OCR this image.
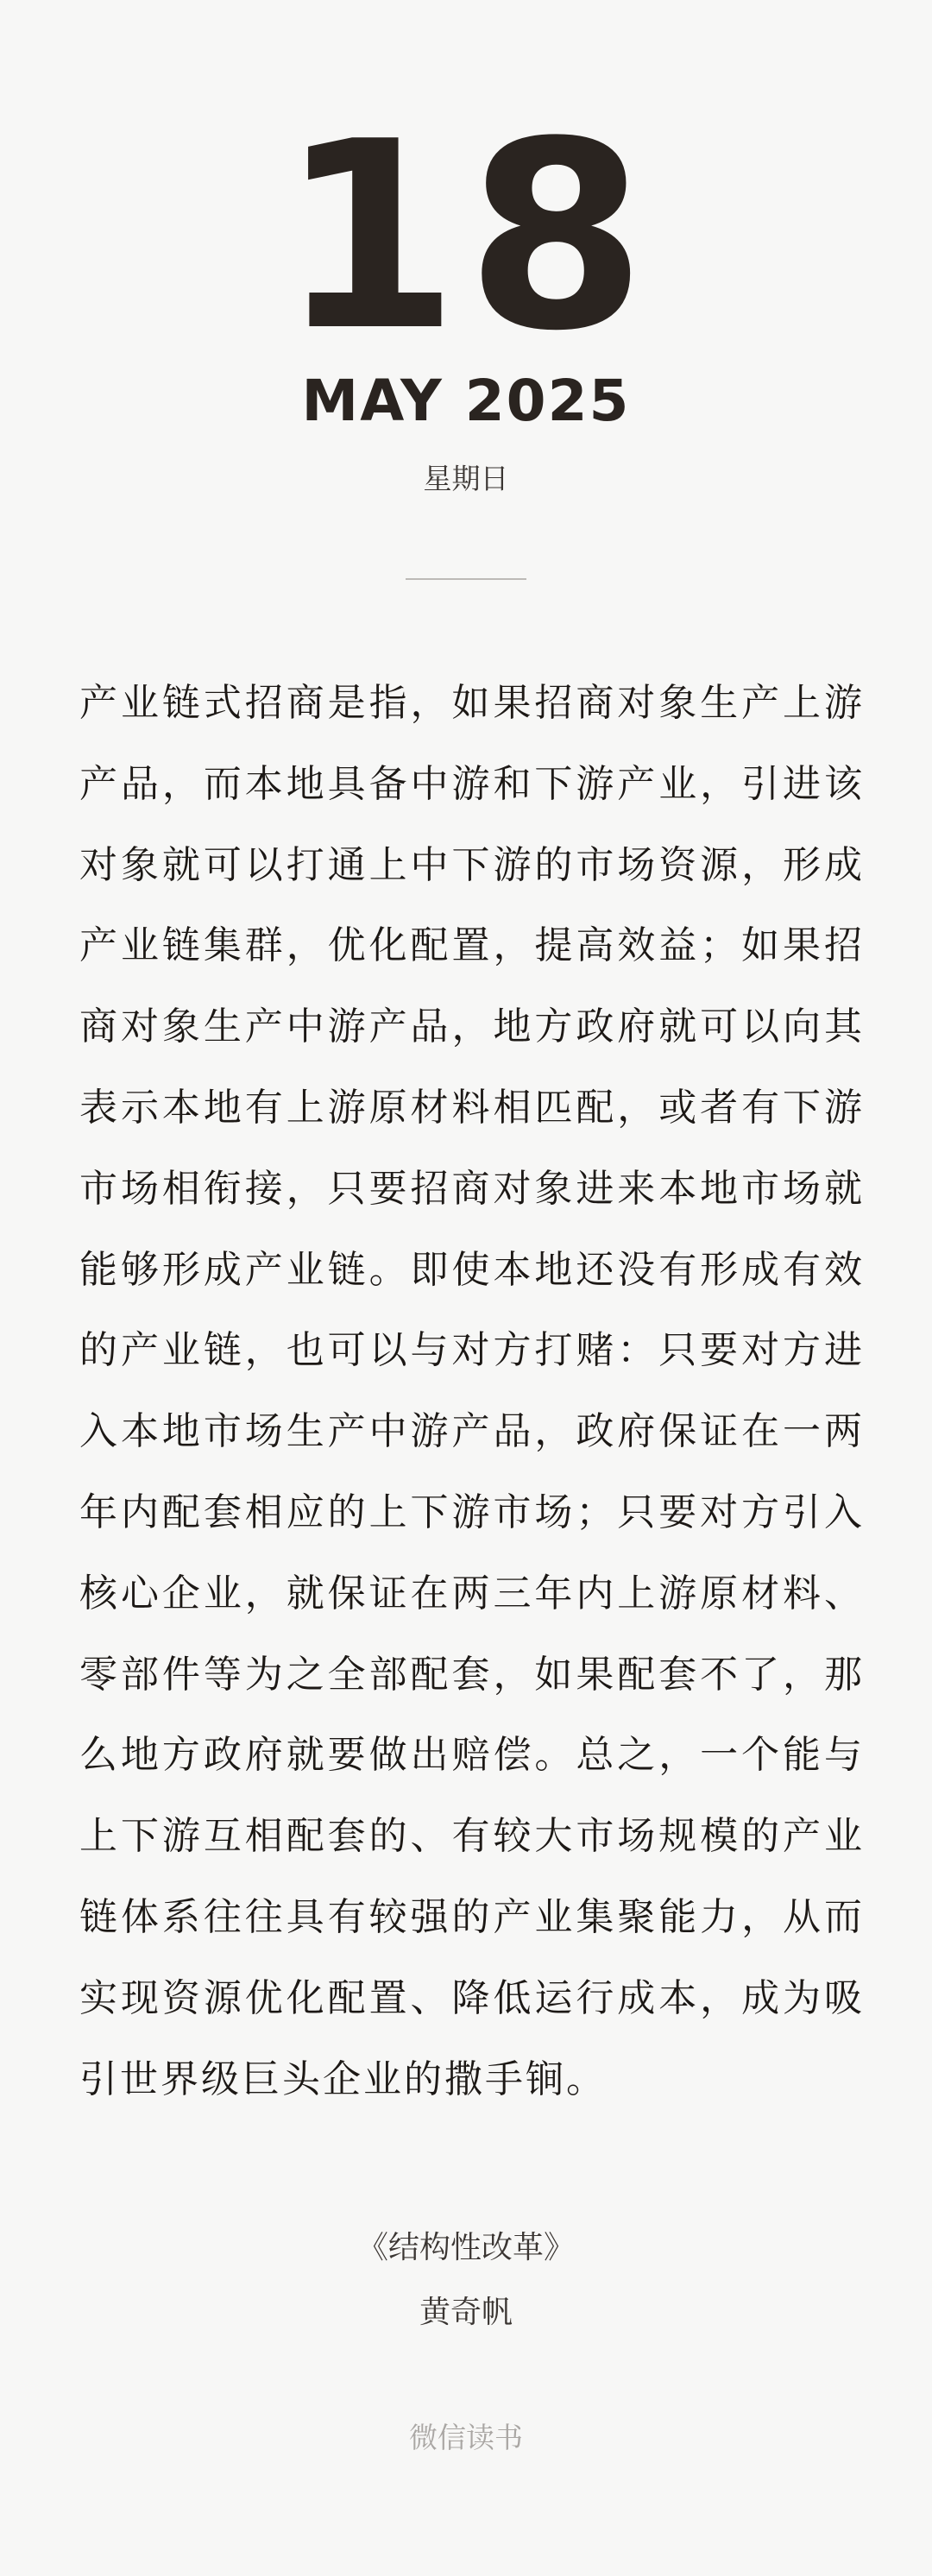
18
MAY 2025
星期日

产业链式招商是指，如果招商对象生产上游产品，而本地具备中游和下游产业，引进该对象就可以打通上中下游的市场资源，形成产业链集群，优化配置，提高效益；如果招商对象生产中游产品，地方政府就可以向其表示本地有上游原材料相匹配，或者有下游市场相衔接，只要招商对象进来本地市场就能够形成产业链。即使本地还没有形成有效的产业链，也可以与对方打赌：只要对方进入本地市场生产中游产品，政府保证在一两年内配套相应的上下游市场；只要对方引入核心企业，就保证在两三年内上游原材料、零部件等为之全部配套，如果配套不了，那么地方政府就要做出赔偿。总之，一个能与上下游互相配套的、有较大市场规模的产业链体系往往具有较强的产业集聚能力，从而实现资源优化配置、降低运行成本，成为吸引世界级巨头企业的撒手锏。

《结构性改革》
黄奇帆
微信读书
